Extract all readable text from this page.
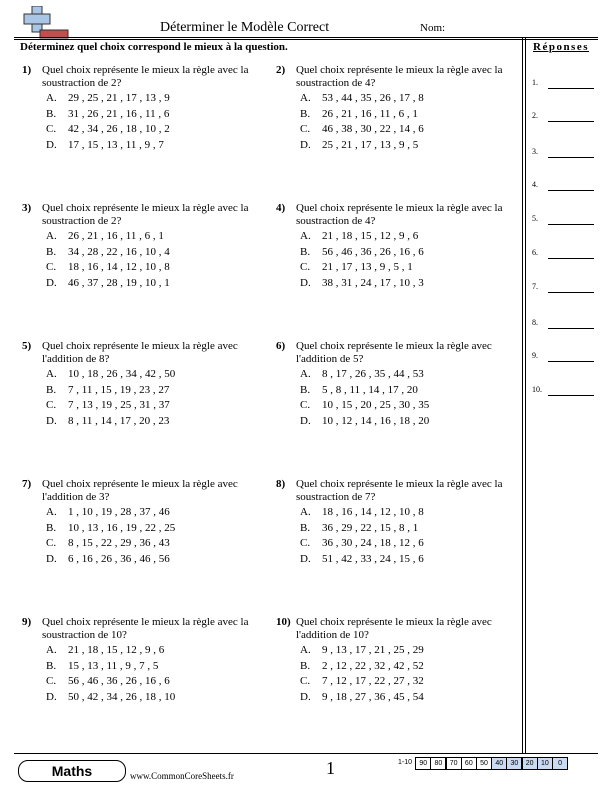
Déterminer le Modèle Correct	Nom:
Déterminez quel choix correspond le mieux à la question.	Réponses
1.
2.
3.
4.
5.
6.
7.
8.
9.
10.
1) Quel choix représente le mieux la règle avec la soustraction de 2?
A. 29 , 25 , 21 , 17 , 13 , 9
B. 31 , 26 , 21 , 16 , 11 , 6
C. 42 , 34 , 26 , 18 , 10 , 2
D. 17 , 15 , 13 , 11 , 9 , 7
2) Quel choix représente le mieux la règle avec la soustraction de 4?
A. 53 , 44 , 35 , 26 , 17 , 8
B. 26 , 21 , 16 , 11 , 6 , 1
C. 46 , 38 , 30 , 22 , 14 , 6
D. 25 , 21 , 17 , 13 , 9 , 5
3) Quel choix représente le mieux la règle avec la soustraction de 2?
A. 26 , 21 , 16 , 11 , 6 , 1
B. 34 , 28 , 22 , 16 , 10 , 4
C. 18 , 16 , 14 , 12 , 10 , 8
D. 46 , 37 , 28 , 19 , 10 , 1
4) Quel choix représente le mieux la règle avec la soustraction de 4?
A. 21 , 18 , 15 , 12 , 9 , 6
B. 56 , 46 , 36 , 26 , 16 , 6
C. 21 , 17 , 13 , 9 , 5 , 1
D. 38 , 31 , 24 , 17 , 10 , 3
5) Quel choix représente le mieux la règle avec l'addition de 8?
A. 10 , 18 , 26 , 34 , 42 , 50
B. 7 , 11 , 15 , 19 , 23 , 27
C. 7 , 13 , 19 , 25 , 31 , 37
D. 8 , 11 , 14 , 17 , 20 , 23
6) Quel choix représente le mieux la règle avec l'addition de 5?
A. 8 , 17 , 26 , 35 , 44 , 53
B. 5 , 8 , 11 , 14 , 17 , 20
C. 10 , 15 , 20 , 25 , 30 , 35
D. 10 , 12 , 14 , 16 , 18 , 20
7) Quel choix représente le mieux la règle avec l'addition de 3?
A. 1 , 10 , 19 , 28 , 37 , 46
B. 10 , 13 , 16 , 19 , 22 , 25
C. 8 , 15 , 22 , 29 , 36 , 43
D. 6 , 16 , 26 , 36 , 46 , 56
8) Quel choix représente le mieux la règle avec la soustraction de 7?
A. 18 , 16 , 14 , 12 , 10 , 8
B. 36 , 29 , 22 , 15 , 8 , 1
C. 36 , 30 , 24 , 18 , 12 , 6
D. 51 , 42 , 33 , 24 , 15 , 6
9) Quel choix représente le mieux la règle avec la soustraction de 10?
A. 21 , 18 , 15 , 12 , 9 , 6
B. 15 , 13 , 11 , 9 , 7 , 5
C. 56 , 46 , 36 , 26 , 16 , 6
D. 50 , 42 , 34 , 26 , 18 , 10
10) Quel choix représente le mieux la règle avec l'addition de 10?
A. 9 , 13 , 17 , 21 , 25 , 29
B. 2 , 12 , 22 , 32 , 42 , 52
C. 7 , 12 , 17 , 22 , 27 , 32
D. 9 , 18 , 27 , 36 , 45 , 54
Maths	www.CommonCoreSheets.fr	1	1-10	90	80	70	60	50	40	30	20	10	0
